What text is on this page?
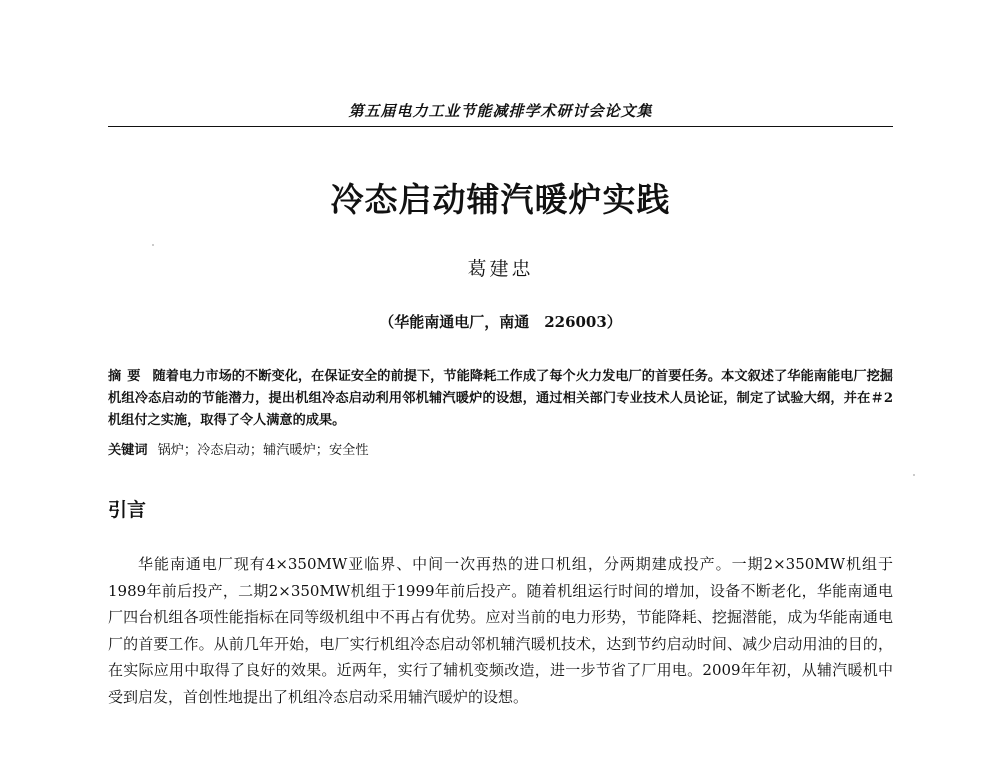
第五届电力工业节能减排学术研讨会论文集
冷态启动辅汽暖炉实践
葛建忠
（华能南通电厂，南通　226003）
摘要 随着电力市场的不断变化，在保证安全的前提下，节能降耗工作成了每个火力发电厂的首要任务。本文叙述了华能南能电厂挖掘机组冷态启动的节能潜力，提出机组冷态启动利用邻机辅汽暖炉的设想，通过相关部门专业技术人员论证，制定了试验大纲，并在＃2机组付之实施，取得了令人满意的成果。
关键词 锅炉；冷态启动；辅汽暖炉；安全性
引言
华能南通电厂现有4×350MW亚临界、中间一次再热的进口机组，分两期建成投产。一期2×350MW机组于1989年前后投产，二期2×350MW机组于1999年前后投产。随着机组运行时间的增加，设备不断老化，华能南通电厂四台机组各项性能指标在同等级机组中不再占有优势。应对当前的电力形势，节能降耗、挖掘潜能，成为华能南通电厂的首要工作。从前几年开始，电厂实行机组冷态启动邻机辅汽暖机技术，达到节约启动时间、减少启动用油的目的，在实际应用中取得了良好的效果。近两年，实行了辅机变频改造，进一步节省了厂用电。2009年年初，从辅汽暖机中受到启发，首创性地提出了机组冷态启动采用辅汽暖炉的设想。
